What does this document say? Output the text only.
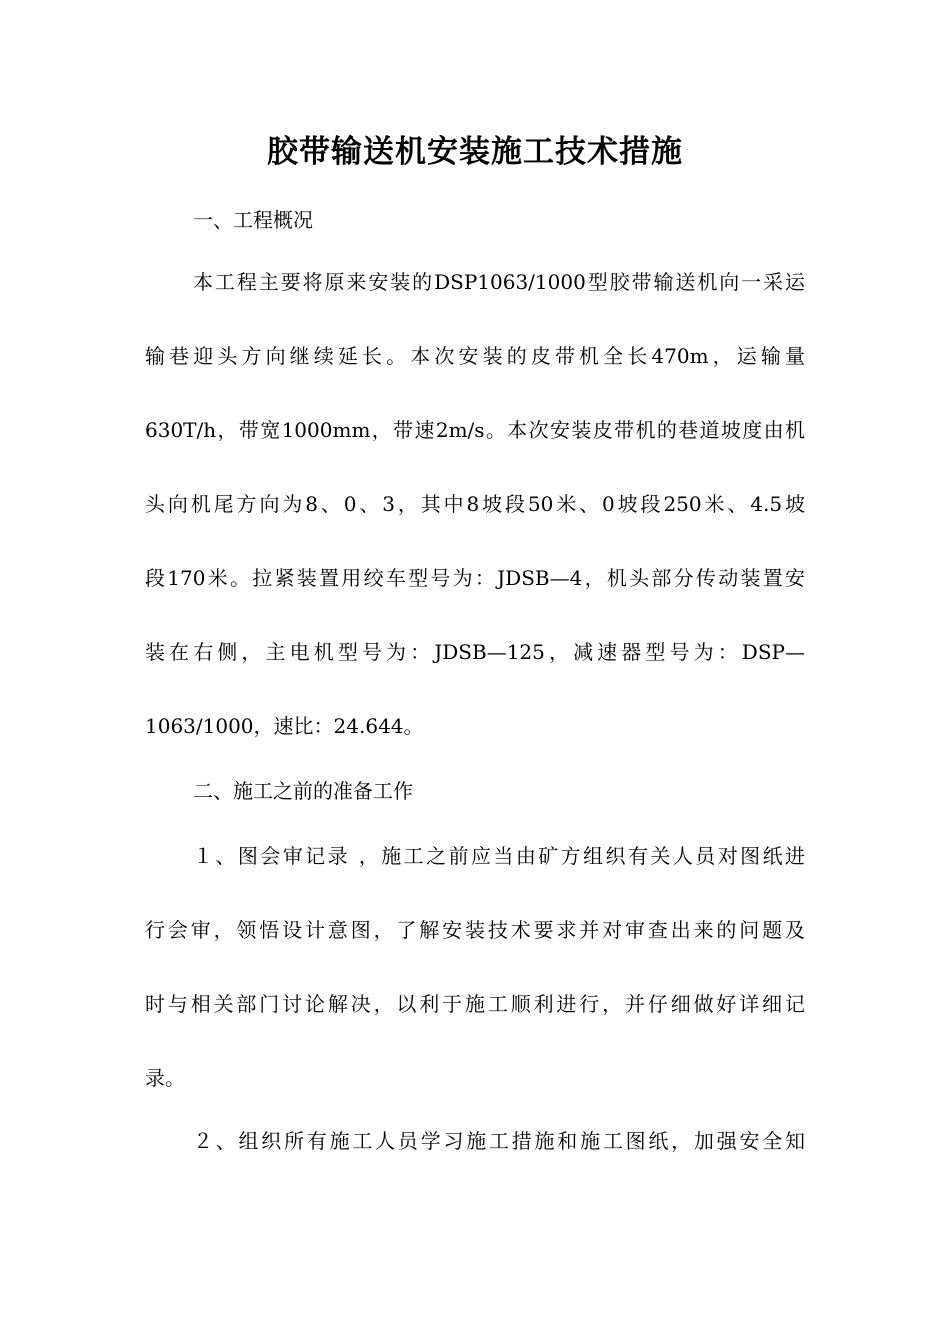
胶带输送机安装施工技术措施
一、工程概况
本工程主要将原来安装的DSP1063/1000型胶带输送机向一采运
输巷迎头方向继续延长。本次安装的皮带机全长470m，运输量
630T/h，带宽1000mm，带速2m/s。本次安装皮带机的巷道坡度由机
头向机尾方向为8、0、3，其中8坡段50米、0坡段250米、4.5坡
段170米。拉紧装置用绞车型号为：JDSB—4，机头部分传动装置安
装在右侧，主电机型号为：JDSB—125，减速器型号为：DSP—
1063/1000，速比：24.644。
二、施工之前的准备工作
１、图会审记录 ，施工之前应当由矿方组织有关人员对图纸进
行会审，领悟设计意图，了解安装技术要求并对审查出来的问题及
时与相关部门讨论解决，以利于施工顺利进行，并仔细做好详细记
录。
２、组织所有施工人员学习施工措施和施工图纸，加强安全知
